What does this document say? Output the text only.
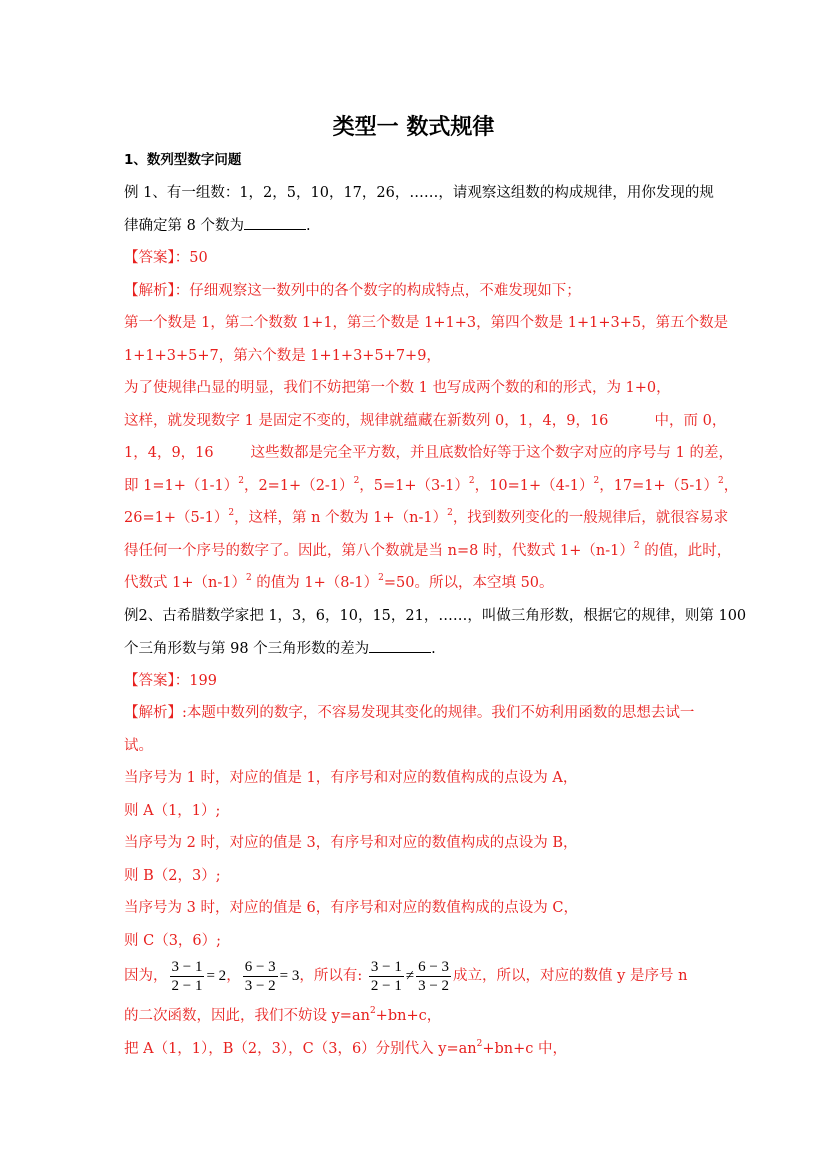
类型一 数式规律
1、数列型数字问题
例 1、有一组数：1，2，5，10，17，26，……，请观察这组数的构成规律，用你发现的规
律确定第 8 个数为	.
【答案】：50
【解析】：仔细观察这一数列中的各个数字的构成特点，不难发现如下；
第一个数是 1，第二个数数 1+1，第三个数是 1+1+3，第四个数是 1+1+3+5，第五个数是
1+1+3+5+7，第六个数是 1+1+3+5+7+9，
为了使规律凸显的明显，我们不妨把第一个数 1 也写成两个数的和的形式，为 1+0，
这样，就发现数字 1 是固定不变的，规律就蕴藏在新数列 0，1，4，9，16          中，而 0，
1，4，9，16        这些数都是完全平方数，并且底数恰好等于这个数字对应的序号与 1 的差，
即 $1=1+(1-1)^2$，$2=1+(2-1)^2$，$5=1+(3-1)^2$，$10=1+(4-1)^2$，$17=1+(5-1)^2$，
$26=1+(5-1)^2$，这样，第 n 个数为 $1+(n-1)^2$，找到数列变化的一般规律后，就很容易求
得任何一个序号的数字了。因此，第八个数就是当 n=8 时，代数式 $1+(n-1)^2$ 的值，此时，
代数式 $1+(n-1)^2$ 的值为 $1+(8-1)^2=50$。所以，本空填 50。
例2、古希腊数学家把 1，3，6，10，15，21，……，叫做三角形数，根据它的规律，则第 100
个三角形数与第 98 个三角形数的差为	.
【答案】：199
【解析】:本题中数列的数字，不容易发现其变化的规律。我们不妨利用函数的思想去试一
试。
当序号为 1 时，对应的值是 1，有序号和对应的数值构成的点设为 A，
则 A（1，1）;
当序号为 2 时，对应的值是 3，有序号和对应的数值构成的点设为 B，
则 B（2，3）;
当序号为 3 时，对应的值是 6，有序号和对应的数值构成的点设为 C，
则 C（3，6）;
因为， $\frac{3 - 1}{2 - 1} = 2$， $\frac{6 - 3}{3 - 2} = 3$，所以有: $\frac{3 - 1}{2 - 1} \ne \frac{6 - 3}{3 - 2}$ 成立，所以，对应的数值 y 是序号 n
的二次函数，因此，我们不妨设 $y=an^2+bn+c$，
把 A（1，1），B（2，3），C（3，6）分别代入 $y=an^2+bn+c$ 中，
